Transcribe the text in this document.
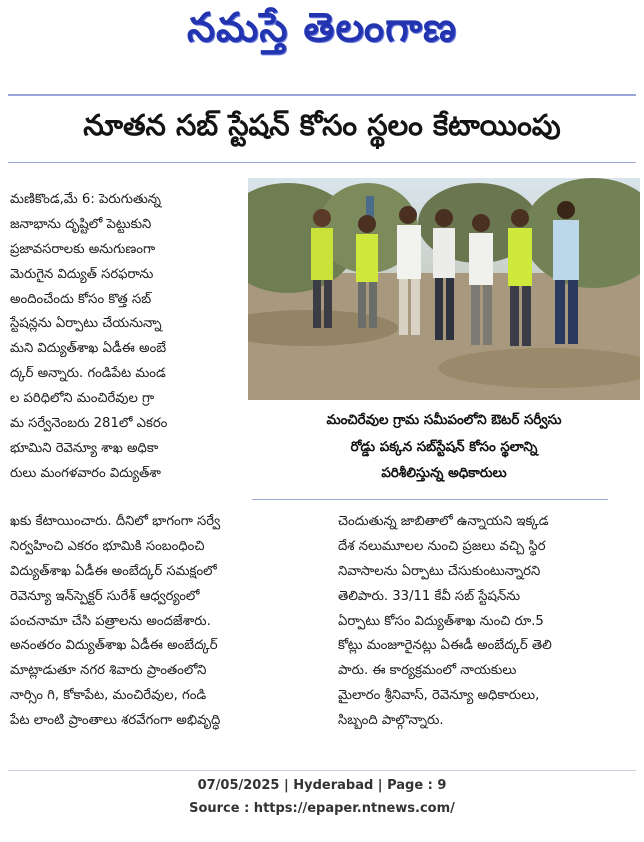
నమస్తే తెలంగాణ
నూతన సబ్ స్టేషన్ కోసం స్థలం కేటాయింపు
మణికొండ,మే 6: పెరుగుతున్న
జనాభాను దృష్టిలో పెట్టుకుని
ప్రజావసరాలకు అనుగుణంగా
మెరుగైన విద్యుత్ సరఫరాను
అందించేందు కోసం కొత్త సబ్
స్టేషన్లను ఏర్పాటు చేయనున్నా
మని విద్యుత్‌శాఖ ఏడీఈ అంబే
ద్కర్ అన్నారు. గండిపేట మండ
ల పరిధిలోని మంచిరేవుల గ్రా
మ సర్వేనెంబరు 281లో ఎకరం
భూమిని రెవెన్యూ శాఖ అధికా
రులు మంగళవారం విద్యుత్‌శా
మంచిరేవుల గ్రామ సమీపంలోని ఔటర్ సర్వీసు
రోడ్డు పక్కన సబ్‌స్టేషన్ కోసం స్థలాన్ని
పరిశీలిస్తున్న అధికారులు
ఖకు కేటాయించారు. దీనిలో భాగంగా సర్వే
నిర్వహించి ఎకరం భూమికి సంబంధించి
విద్యుత్‌శాఖ ఏడీఈ అంబేద్కర్ సమక్షంలో
రెవెన్యూ ఇన్‌స్పెక్టర్ సురేశ్ ఆధ్వర్యంలో
పంచనామా చేసి పత్రాలను అందజేశారు.
అనంతరం విద్యుత్‌శాఖ ఏడీఈ అంబేద్కర్
మాట్లాడుతూ నగర శివారు ప్రాంతంలోని
నార్సిం గి, కోకాపేట, మంచిరేవుల, గండి
పేట లాంటి ప్రాంతాలు శరవేగంగా అభివృద్ధి
చెందుతున్న జాబితాలో ఉన్నాయని ఇక్కడ
దేశ నలుమూలల నుంచి ప్రజలు వచ్చి స్థిర
నివాసాలను ఏర్పాటు చేసుకుంటున్నారని
తెలిపారు. 33/11 కేవీ సబ్ స్టేషన్‌ను
ఏర్పాటు కోసం విద్యుత్‌శాఖ నుంచి రూ.5
కోట్లు మంజూరైనట్లు ఏఈడీ అంబేద్కర్ తెలి
పారు. ఈ కార్యక్రమంలో నాయకులు
మైలారం శ్రీనివాస్, రెవెన్యూ అధికారులు,
సిబ్బంది పాల్గొన్నారు.
07/05/2025 | Hyderabad | Page : 9
Source : https://epaper.ntnews.com/
